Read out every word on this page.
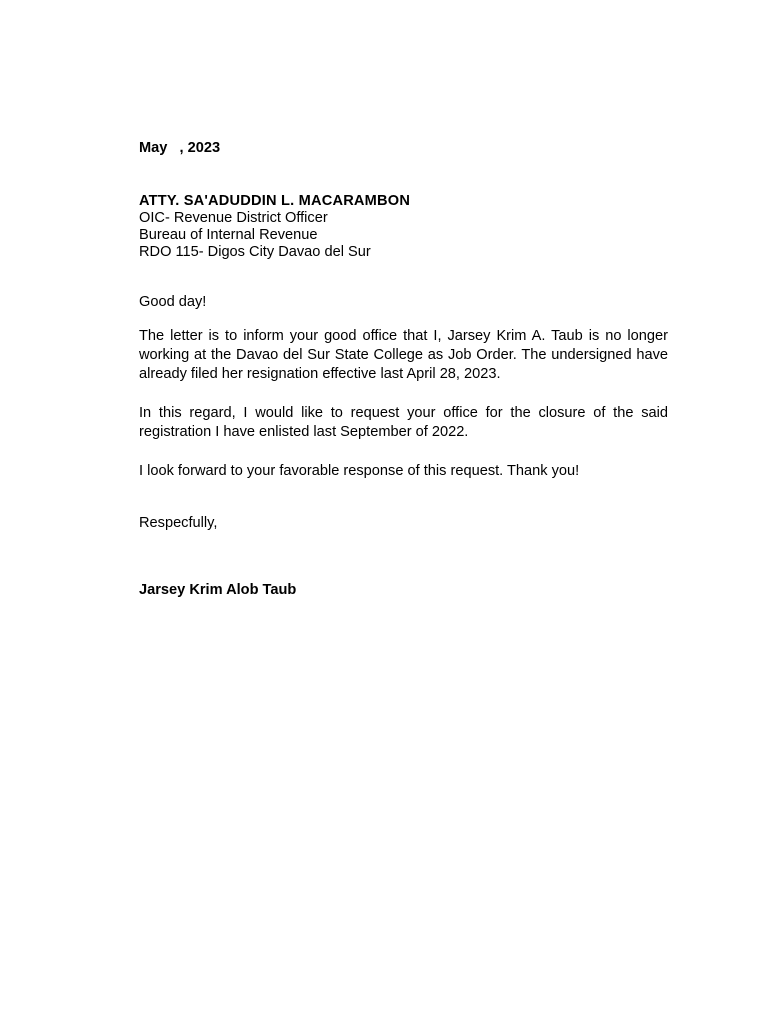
May   , 2023
ATTY. SA'ADUDDIN L. MACARAMBON
OIC- Revenue District Officer
Bureau of Internal Revenue
RDO 115- Digos City Davao del Sur
Good day!

The letter is to inform your good office that I, Jarsey Krim A. Taub is no longer working at the Davao del Sur State College as Job Order. The undersigned have already filed her resignation effective last April 28, 2023.

In this regard, I would like to request your office for the closure of the said registration I have enlisted last September of 2022.

I look forward to your favorable response of this request. Thank you!

Respecfully,
Jarsey Krim Alob Taub
